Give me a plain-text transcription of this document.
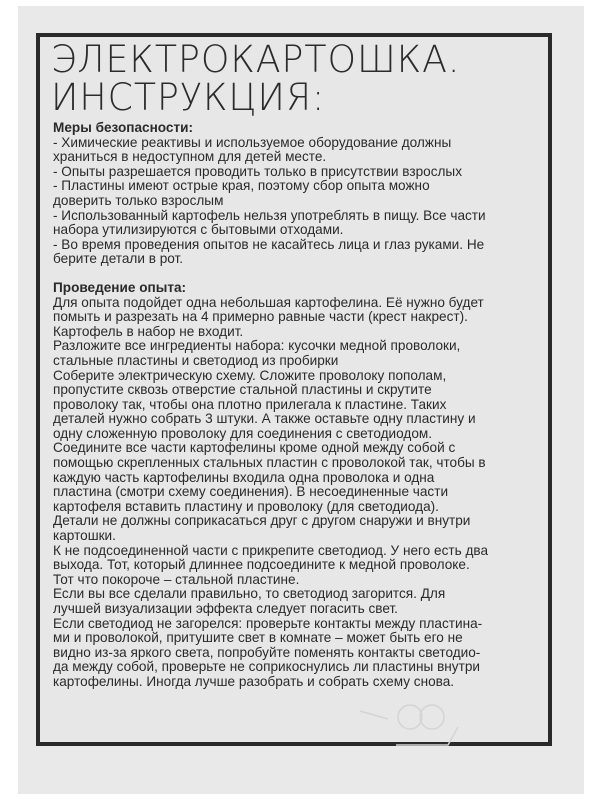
ЭЛЕКТРОКАРТОШКА.
ИНСТРУКЦИЯ:
Меры безопасности:
- Химические реактивы и используемое оборудование должны
хранитьcя в недоступном для детей месте.
- Опыты разрешается проводить только в присутствии взрослых
- Пластины имеют острые края, поэтому сбор опыта можно
доверить только взрослым
- Использованный картофель нельзя употреблять в пищу. Все части
набора утилизируются с бытовыми отходами.
- Во время проведения опытов не касайтесь лица и глаз руками. Не
берите детали в рот.
Проведение опыта:
Для опыта подойдет одна небольшая картофелина. Её нужно будет
помыть и разрезать на 4 примерно равные части (крест накрест).
Картофель в набор не входит.
Разложите все ингредиенты набора: кусочки медной проволоки,
стальные пластины и светодиод из пробирки
Соберите электрическую схему. Сложите проволоку пополам,
пропустите сквозь отверстие стальной пластины и скрутите
проволоку так, чтобы она плотно прилегала к пластине. Таких
деталей нужно собрать 3 штуки. А также оставьте одну пластину и
одну сложенную проволоку для соединения с светодиодом.
Соедините все части картофелины кроме одной между собой с
помощью скрепленных стальных пластин с проволокой так, чтобы в
каждую часть картофелины входила одна проволока и одна
пластина (смотри схему соединения). В несоединенные части
картофеля вставить пластину и проволоку (для светодиода).
Детали не должны соприкасаться друг с другом снаружи и внутри
картошки.
К не подсоединенной части с прикрепите светодиод. У него есть два
выхода. Тот, который длиннее подсоедините к медной проволоке.
Тот что покороче – стальной пластине.
Если вы все сделали правильно, то светодиод загорится. Для
лучшей визуализации эффекта следует погасить свет.
Если светодиод не загорелся: проверьте контакты между пластина-
ми и проволокой, притушите свет в комнате – может быть его не
видно из-за яркого света, попробуйте поменять контакты светодио-
да между собой, проверьте не соприкоснулись ли пластины внутри
картофелины. Иногда лучше разобрать и собрать схему снова.
